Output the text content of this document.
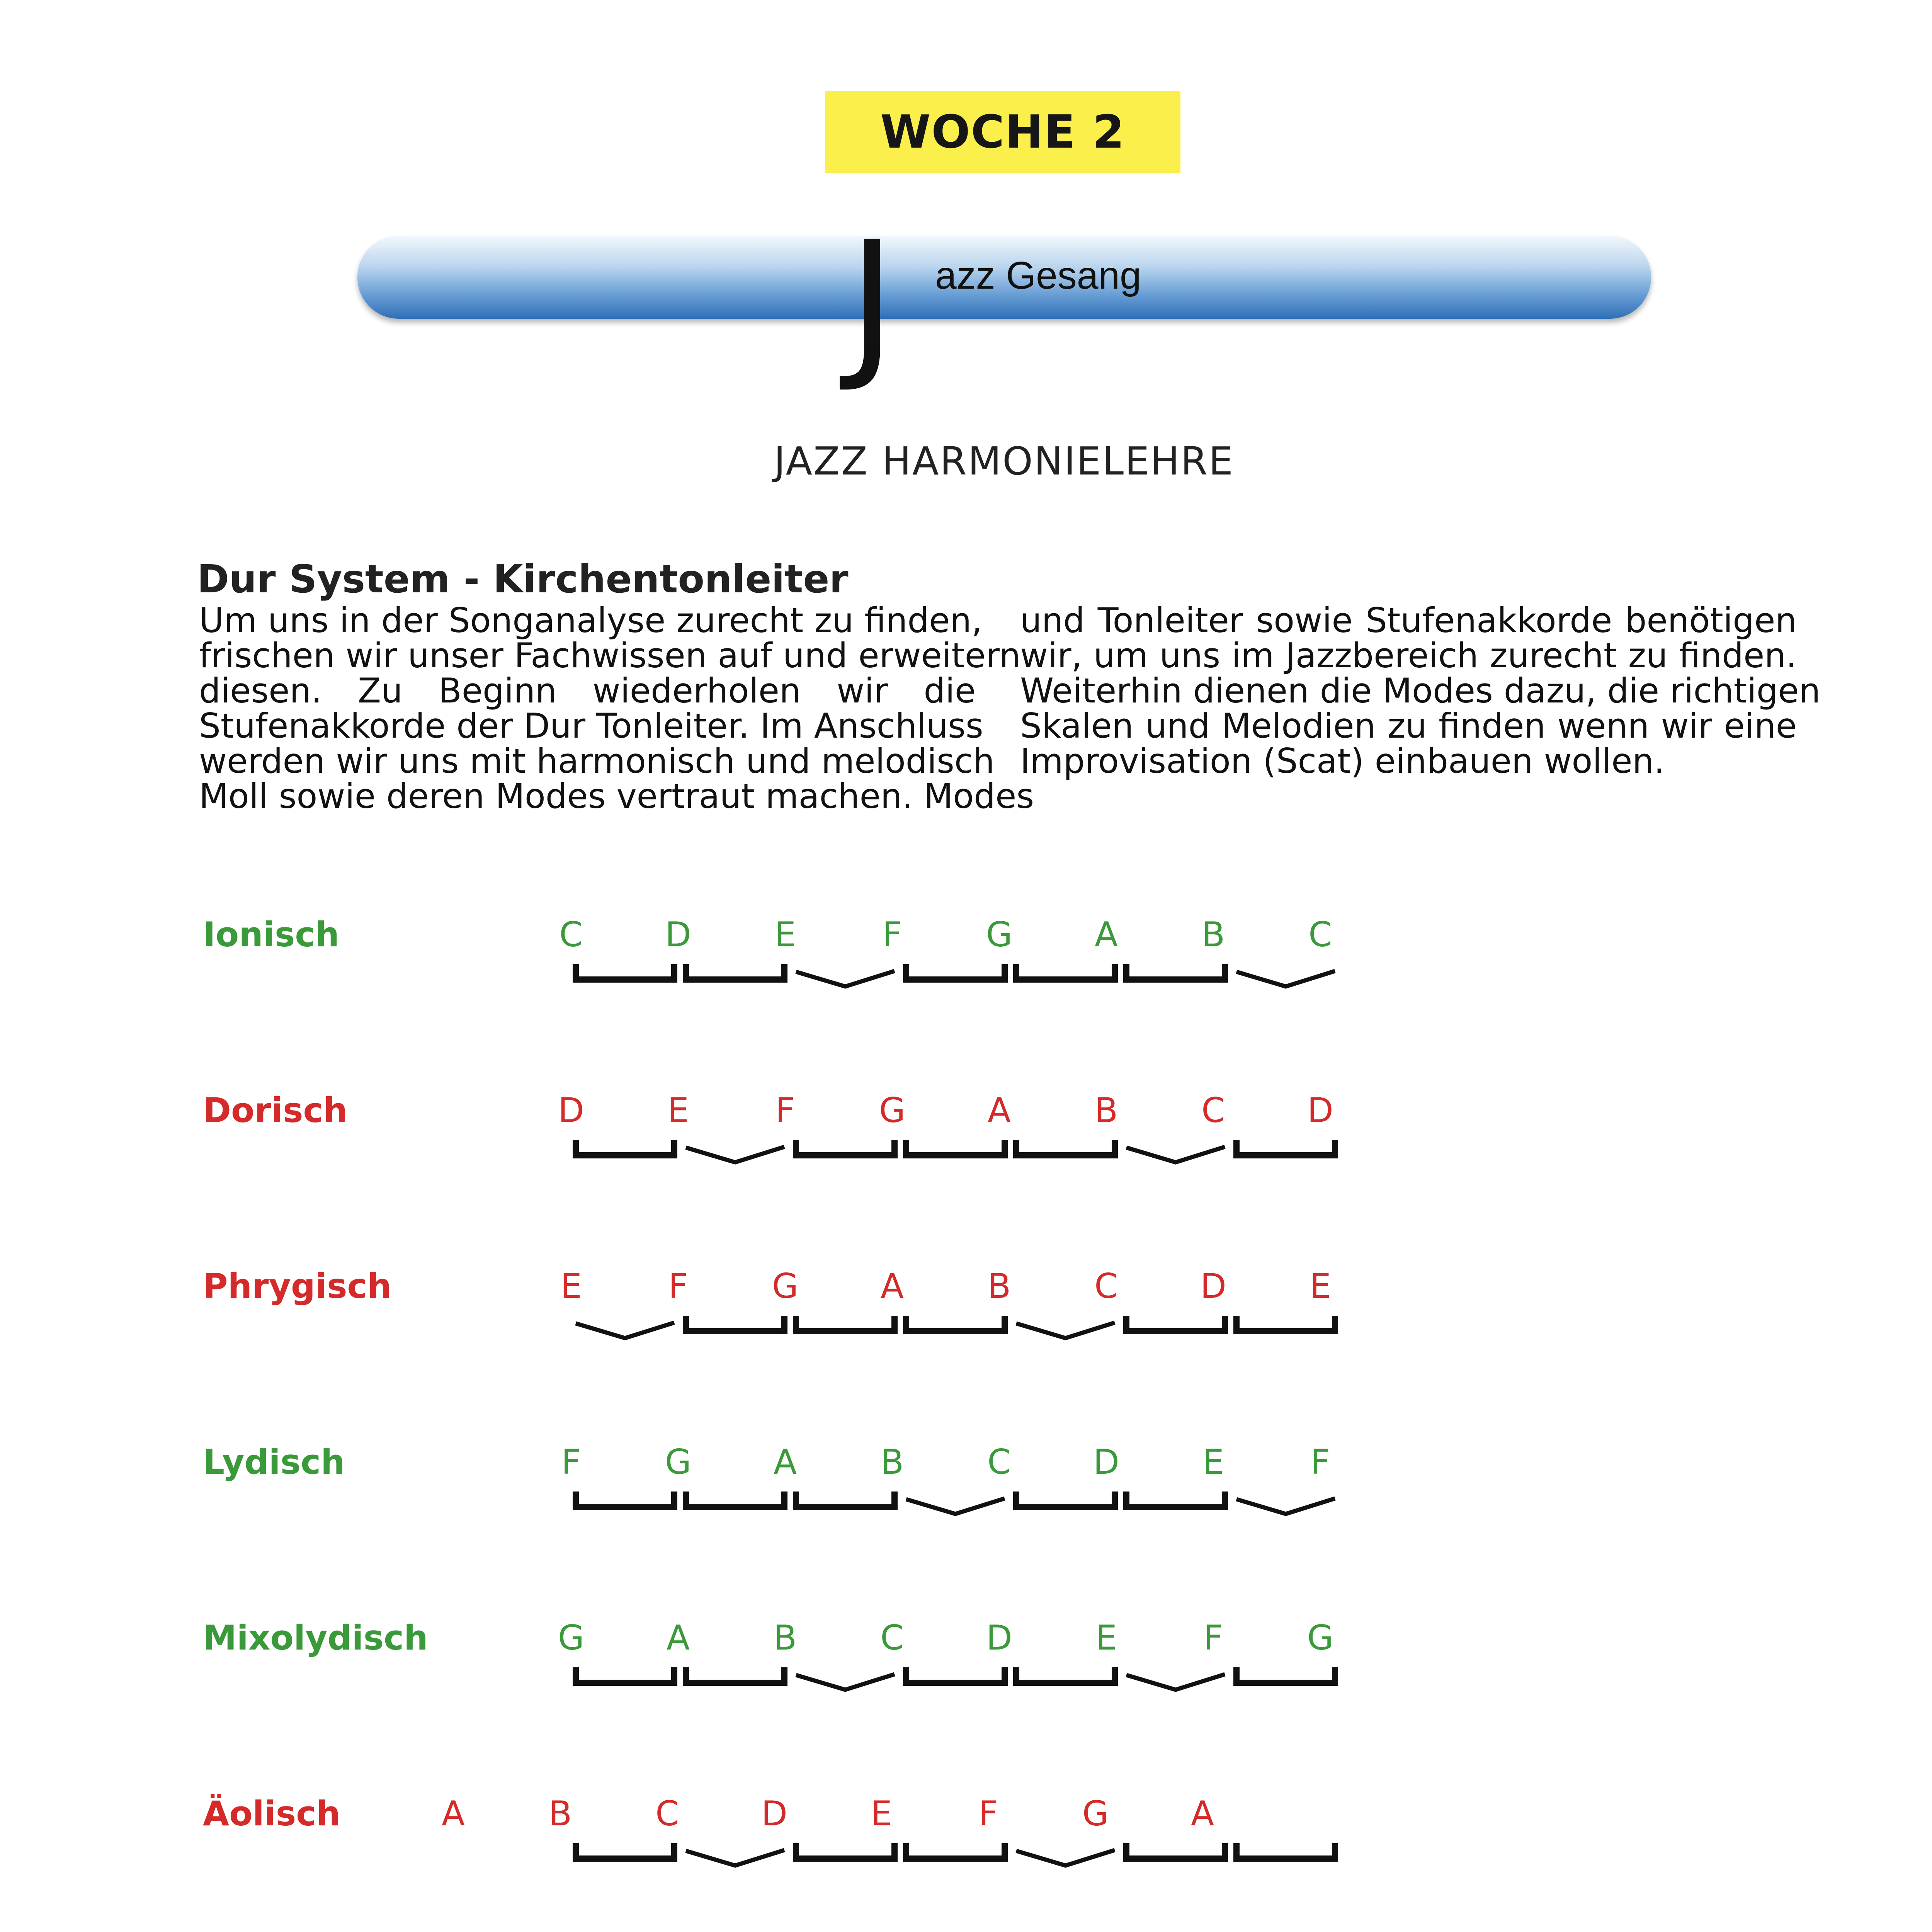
WOCHE 2
J azz Gesang
JAZZ HARMONIELEHRE
Dur System - Kirchentonleiter
Um uns in der Songanalyse zurecht zu finden,
frischen wir unser Fachwissen auf und erweitern
diesen. Zu Beginn wiederholen wir die
Stufenakkorde der Dur Tonleiter. Im Anschluss
werden wir uns mit harmonisch und melodisch
Moll sowie deren Modes vertraut machen. Modes
und Tonleiter sowie Stufenakkorde benötigen
wir, um uns im Jazzbereich zurecht zu finden.
Weiterhin dienen die Modes dazu, die richtigen
Skalen und Melodien zu finden wenn wir eine
Improvisation (Scat) einbauen wollen.
Ionisch	C	D	E	F	G	A	B	C
Dorisch	D	E	F	G	A	B	C	D
Phrygisch	E	F	G	A	B	C	D	E
Lydisch	F	G	A	B	C	D	E	F
Mixolydisch	G	A	B	C	D	E	F	G
Äolisch	A	B	C	D	E	F	G	A
